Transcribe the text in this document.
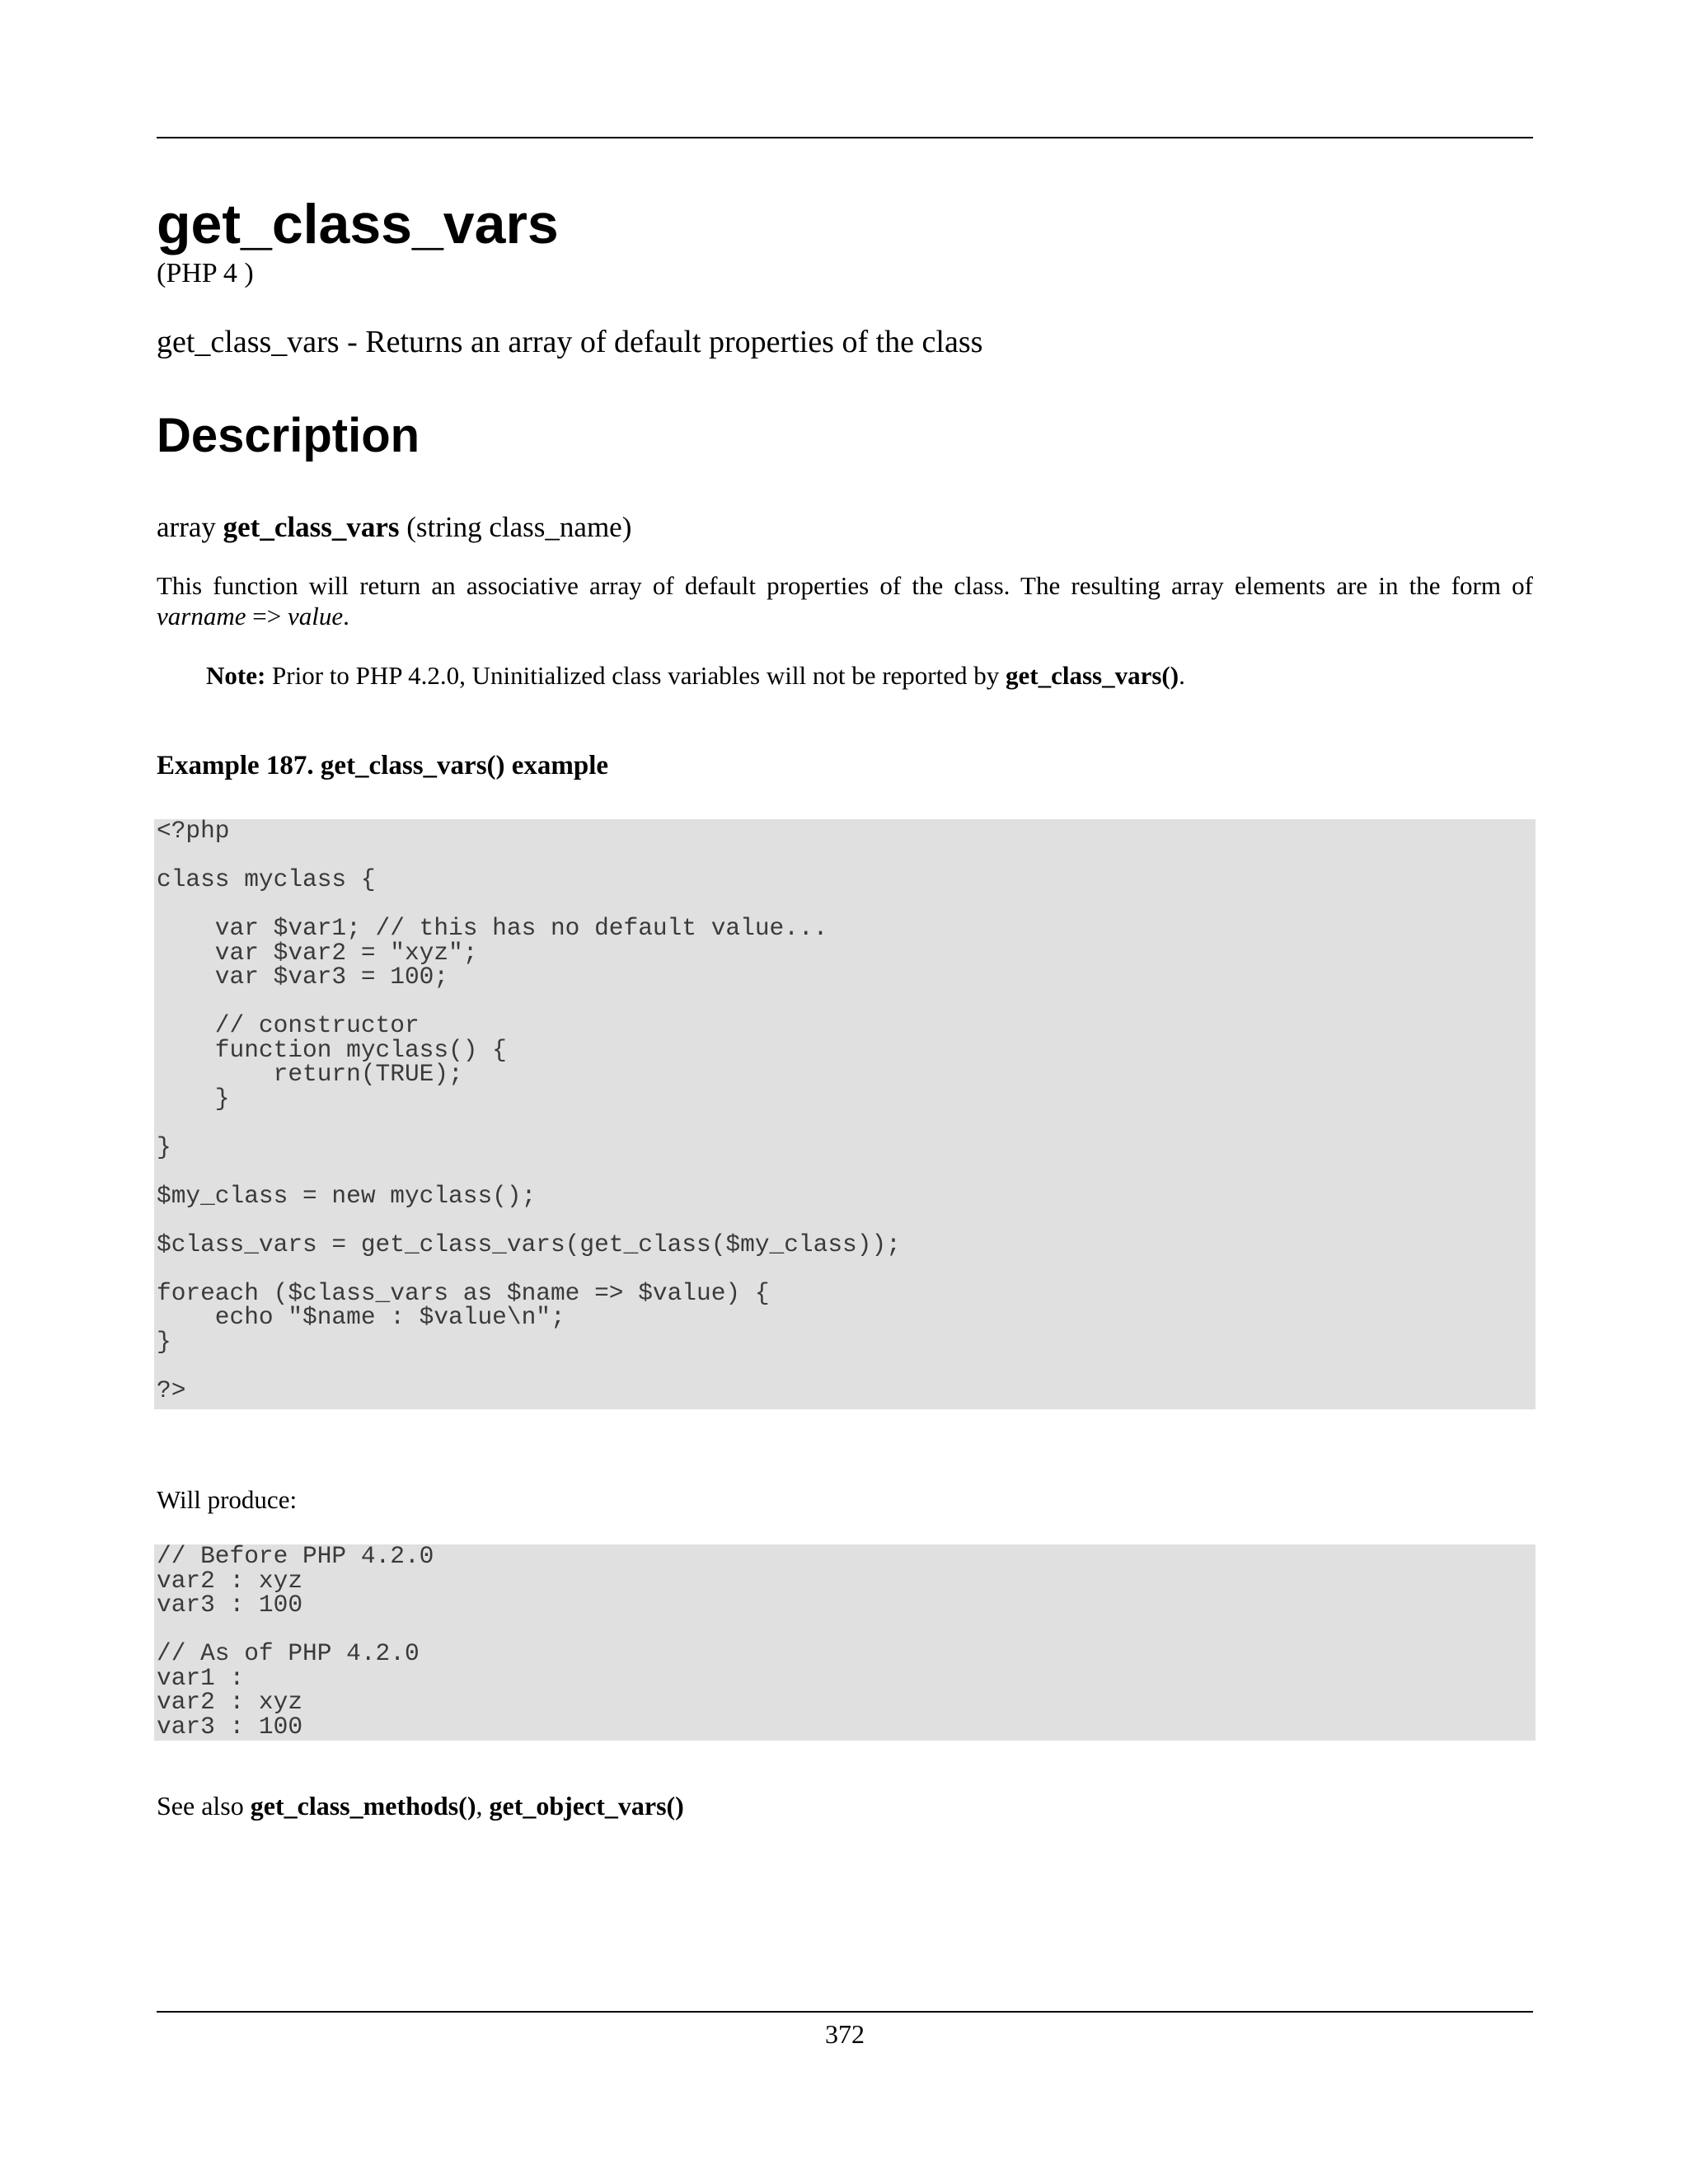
get_class_vars
(PHP 4 )
get_class_vars - Returns an array of default properties of the class
Description
array get_class_vars (string class_name)
This function will return an associative array of default properties of the class. The resulting array elements are in the form of varname => value.
Note: Prior to PHP 4.2.0, Uninitialized class variables will not be reported by get_class_vars().
Example 187. get_class_vars() example
<?php

class myclass {

var $var1; // this has no default value...
var $var2 = "xyz";
var $var3 = 100;

// constructor
function myclass() {
return(TRUE);
}

}

$my_class = new myclass();

$class_vars = get_class_vars(get_class($my_class));

foreach ($class_vars as $name => $value) {
echo "$name : $value\n";
}

?>
Will produce:
// Before PHP 4.2.0
var2 : xyz
var3 : 100

// As of PHP 4.2.0
var1 :
var2 : xyz
var3 : 100
See also get_class_methods(), get_object_vars()
372
